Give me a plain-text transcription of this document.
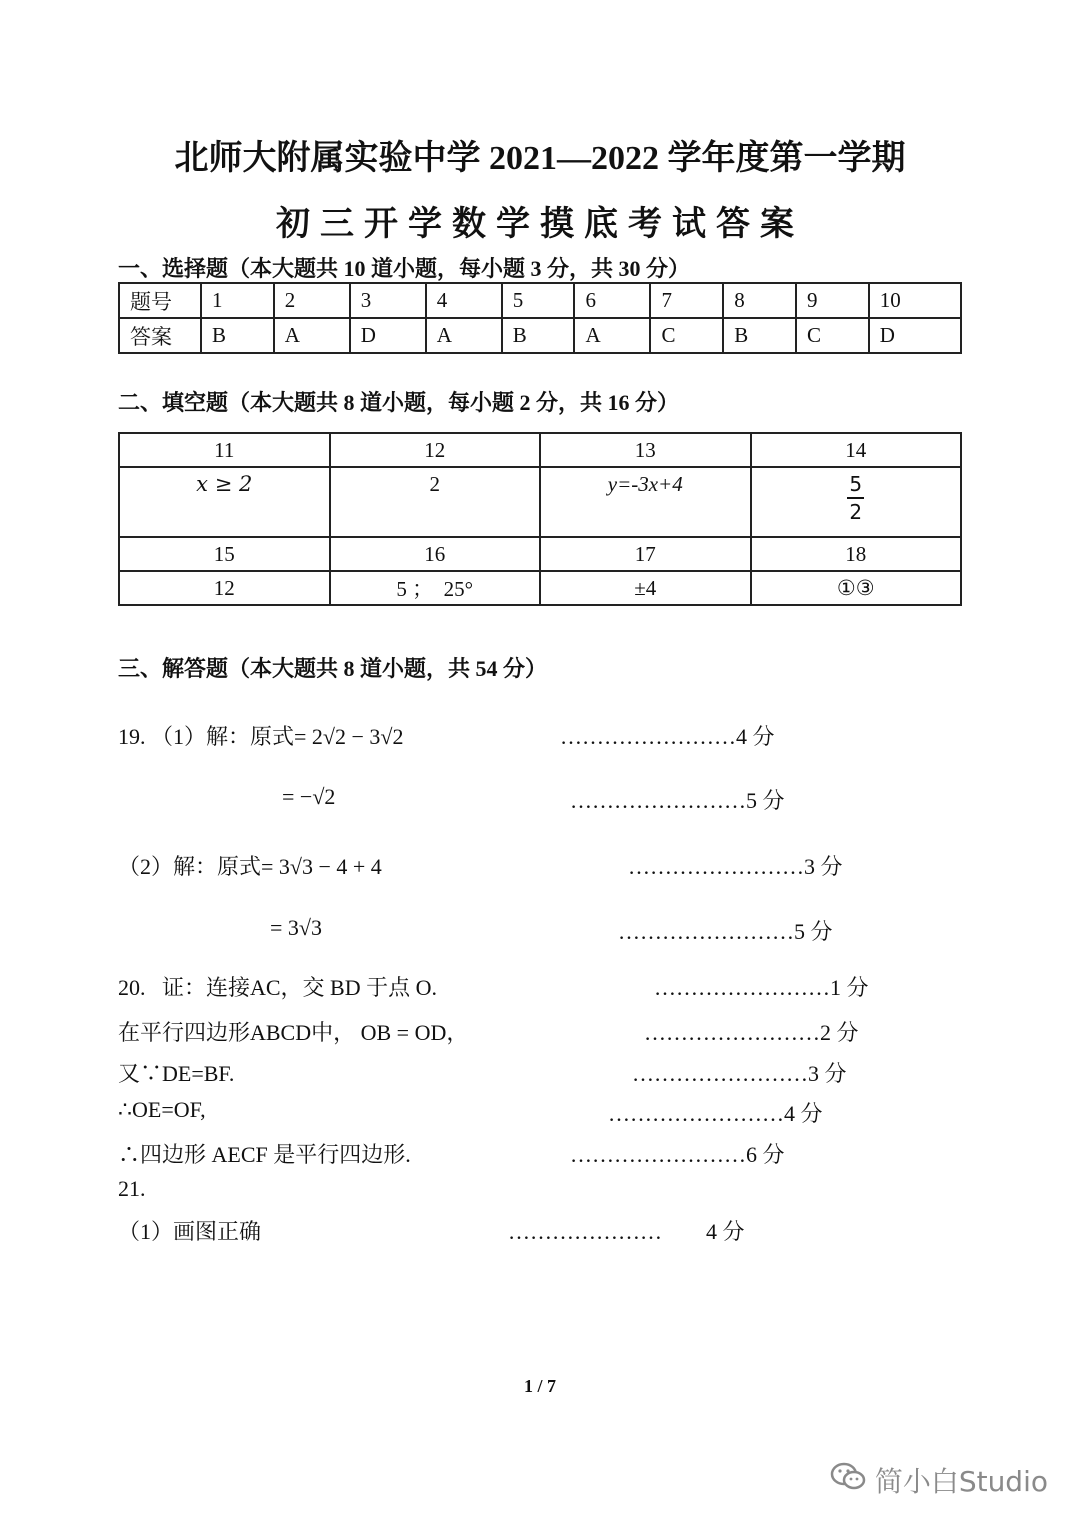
北师大附属实验中学 2021—2022 学年度第一学期
初三开学数学摸底考试答案
一、选择题（本大题共 10 道小题，每小题 3 分，共 30 分）
题号	1	2	3	4	5	6	7	8	9	10
答案	B	A	D	A	B	A	C	B	C	D
二、填空题（本大题共 8 道小题，每小题 2 分，共 16 分）
11	12	13	14
x ≥ 2	2	y=-3x+4	$\frac{5}{2}$

15	16	17	18
12	5 ；  25°	±4	①③
三、解答题（本大题共 8 道小题，共 54 分）
19. （1）解：原式= 2√2 − 3√2	……………………4 分
= −√2	……………………5 分
（2）解：原式= 3√3 − 4 + 4	……………………3 分
= 3√3	……………………5 分
20.   证：连接AC，交 BD 于点 O.	……………………1 分
在平行四边形ABCD中， OB = OD，	……………………2 分
又∵DE=BF.	……………………3 分
∴OE=OF,	……………………4 分
∴四边形 AECF 是平行四边形.	……………………6 分
21.
（1）画图正确	…………………        4 分
1 / 7
简小白Studio
